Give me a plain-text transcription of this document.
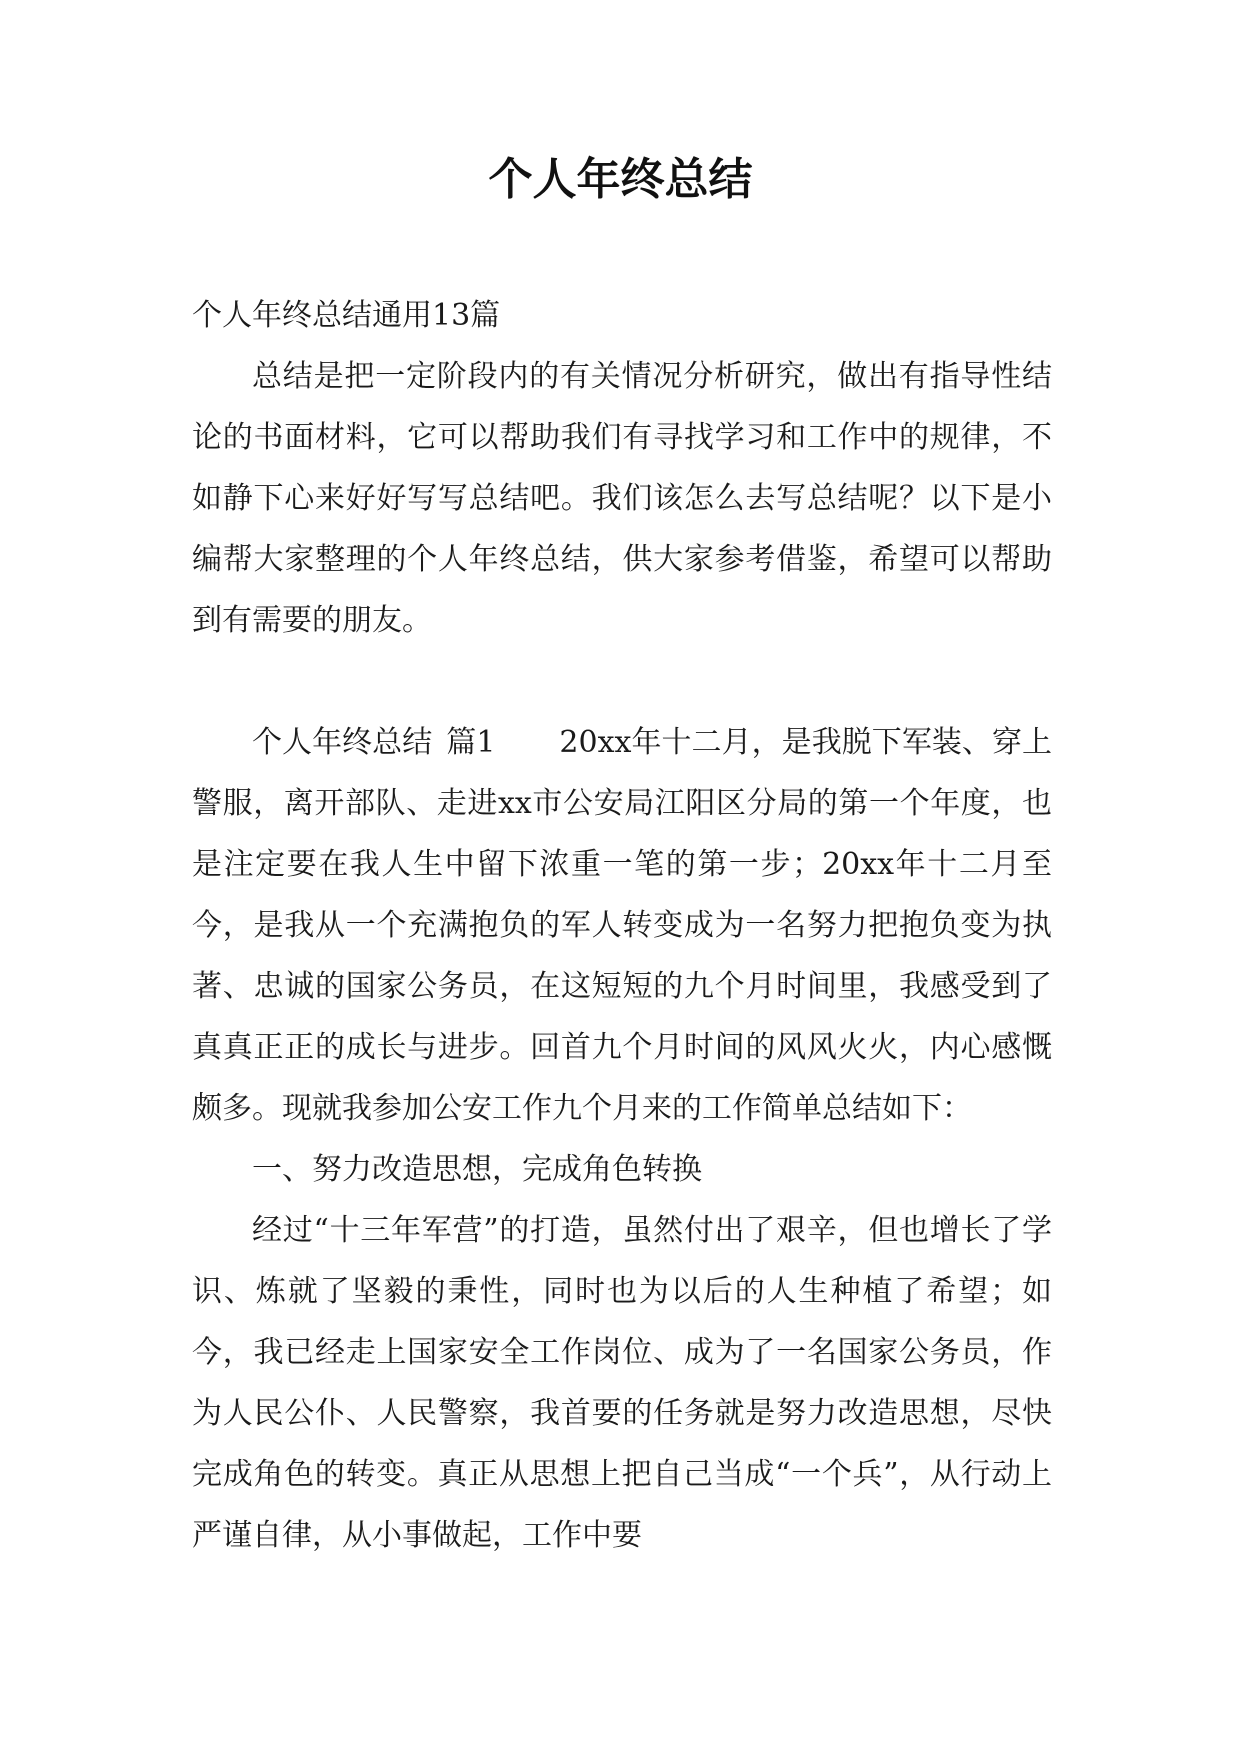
个人年终总结

个人年终总结通用13篇

总结是把一定阶段内的有关情况分析研究，做出有指导性结论的书面材料，它可以帮助我们有寻找学习和工作中的规律，不如静下心来好好写写总结吧。我们该怎么去写总结呢？以下是小编帮大家整理的个人年终总结，供大家参考借鉴，希望可以帮助到有需要的朋友。

个人年终总结 篇1 20xx年十二月，是我脱下军装、穿上警服，离开部队、走进xx市公安局江阳区分局的第一个年度，也是注定要在我人生中留下浓重一笔的第一步；20xx年十二月至今，是我从一个充满抱负的军人转变成为一名努力把抱负变为执著、忠诚的国家公务员，在这短短的九个月时间里，我感受到了真真正正的成长与进步。回首九个月时间的风风火火，内心感慨颇多。现就我参加公安工作九个月来的工作简单总结如下：

一、努力改造思想，完成角色转换

经过“十三年军营”的打造，虽然付出了艰辛，但也增长了学识、炼就了坚毅的秉性，同时也为以后的人生种植了希望；如今，我已经走上国家安全工作岗位、成为了一名国家公务员，作为人民公仆、人民警察，我首要的任务就是努力改造思想，尽快完成角色的转变。真正从思想上把自己当成“一个兵”，从行动上严谨自律，从小事做起，工作中要
